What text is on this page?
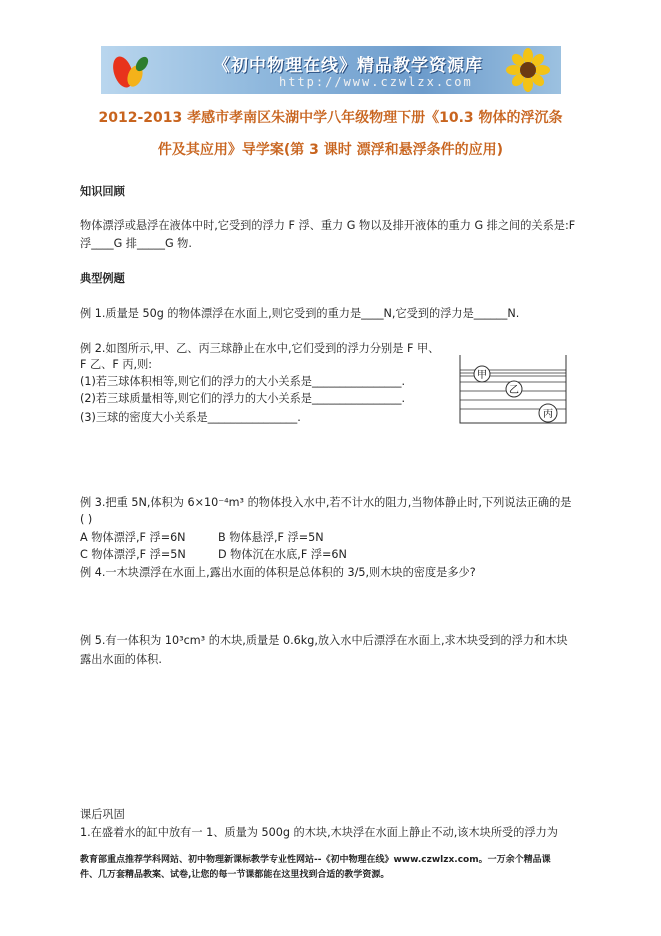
《初中物理在线》精品教学资源库
http://www.czwlzx.com
2012-2013 孝感市孝南区朱湖中学八年级物理下册《10.3 物体的浮沉条
件及其应用》导学案(第 3 课时 漂浮和悬浮条件的应用)
知识回顾
物体漂浮或悬浮在液体中时,它受到的浮力 F 浮、重力 G 物以及排开液体的重力 G 排之间的关系是:F
浮____G 排_____G 物.
典型例题
例 1.质量是 50g 的物体漂浮在水面上,则它受到的重力是____N,它受到的浮力是______N.
例 2.如图所示,甲、乙、丙三球静止在水中,它们受到的浮力分别是 F 甲、
F 乙、F 丙,则:
(1)若三球体积相等,则它们的浮力的大小关系是________________.
(2)若三球质量相等,则它们的浮力的大小关系是________________.
(3)三球的密度大小关系是________________.
甲
乙
丙
例 3.把重 5N,体积为 6×10⁻⁴m³ 的物体投入水中,若不计水的阻力,当物体静止时,下列说法正确的是
( )
A 物体漂浮,F 浮=6N	B 物体悬浮,F 浮=5N
C 物体漂浮,F 浮=5N	D 物体沉在水底,F 浮=6N
例 4.一木块漂浮在水面上,露出水面的体积是总体积的 3/5,则木块的密度是多少?
例 5.有一体积为 10³cm³ 的木块,质量是 0.6kg,放入水中后漂浮在水面上,求木块受到的浮力和木块
露出水面的体积.
课后巩固
1.在盛着水的缸中放有一 1、质量为 500g 的木块,木块浮在水面上静止不动,该木块所受的浮力为
教育部重点推荐学科网站、初中物理新课标教学专业性网站--《初中物理在线》www.czwlzx.com。一万余个精品课
件、几万套精品教案、试卷,让您的每一节课都能在这里找到合适的教学资源。
